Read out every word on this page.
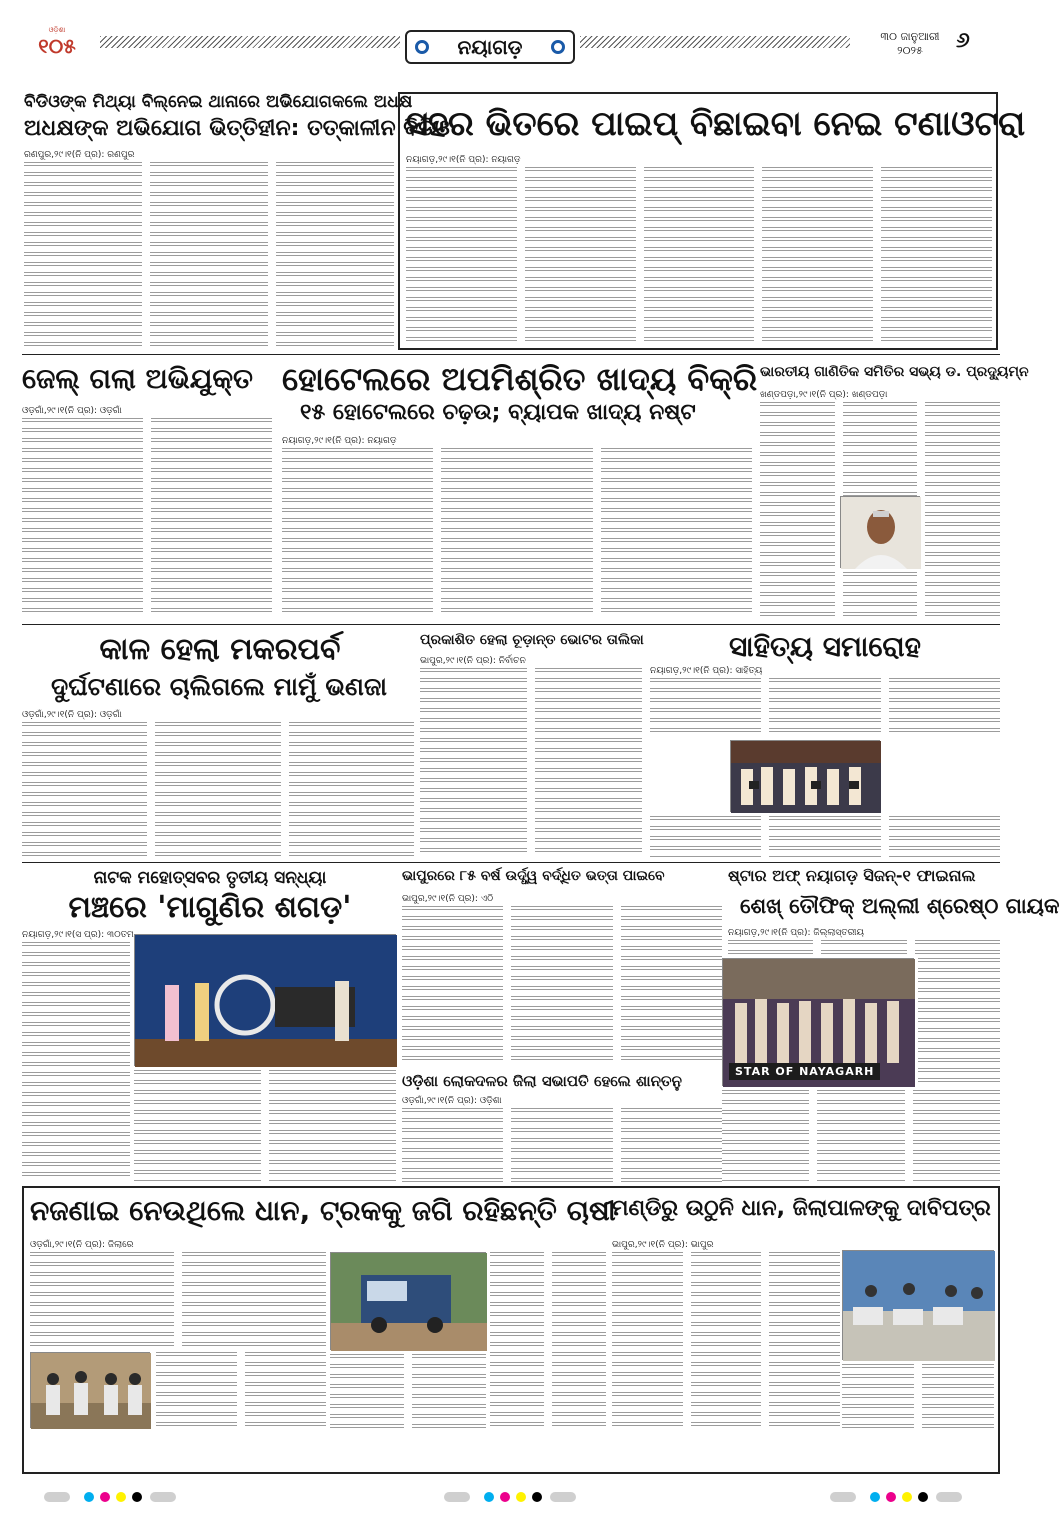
ଓଡ଼ିଶା
୧୦୫	ନୟାଗଡ଼	୩୦ ଜାନୁଆରୀ
୨୦୨୫	୬
ବିଡିଓଙ୍କ ମିଥ୍ୟା ବିଲ୍‌ନେଇ ଥାନାରେ ଅଭିଯୋଗକଲେ ଅଧକ୍ଷ
ଅଧକ୍ଷଙ୍କ ଅଭିଯୋଗ ଭିତ୍ତିହୀନ: ତତ୍କାଳୀନ ବିଡିଓ
ରଣପୁର,୨୯।୧(ନି ପ୍ର): ରଣପୁର
ସହର ଭିତରେ ପାଇପ୍ ବିଛାଇବା ନେଇ ଟଣାଓଟରା
ନୟାଗଡ଼,୨୯।୧(ନି ପ୍ର): ନୟାଗଡ଼
ଜେଲ୍ ଗଲା ଅଭିଯୁକ୍ତ
ଓଡ଼ଗାଁ,୨୯।୧(ନି ପ୍ର): ଓଡ଼ଗାଁ
ହୋଟେଲରେ ଅପମିଶ୍ରିତ ଖାଦ୍ୟ ବିକ୍ରି
୧୫ ହୋଟେଲରେ ଚଢ଼ଉ; ବ୍ୟାପକ ଖାଦ୍ୟ ନଷ୍ଟ
ନୟାଗଡ଼,୨୯।୧(ନି ପ୍ର): ନୟାଗଡ଼
ଭାରତୀୟ ଗାଣିତିକ ସମିତିର ସଭ୍ୟ ଡ. ପ୍ରଦ୍ୟୁମ୍ନ
ଖଣ୍ଡପଡ଼ା,୨୯।୧(ନି ପ୍ର): ଖଣ୍ଡପଡ଼ା
କାଳ ହେଲା ମକରପର୍ବ
ଦୁର୍ଘଟଣାରେ ଚାଲିଗଲେ ମାମୁଁ ଭଣଜା
ଓଡ଼ଗାଁ,୨୯।୧(ନି ପ୍ର): ଓଡ଼ଗାଁ
ପ୍ରକାଶିତ ହେଲା ଚୂଡ଼ାନ୍ତ ଭୋଟର ତାଲିକା
ଭାପୁର,୨୯।୧(ନି ପ୍ର): ନିର୍ବାଚନ	ସାହିତ୍ୟ ସମାରୋହ
ନୟାଗଡ଼,୨୯।୧(ନି ପ୍ର): ସାହିତ୍ୟ
ନାଟକ ମହୋତ୍ସବର ତୃତୀୟ ସନ୍ଧ୍ୟା
ମଞ୍ଚରେ 'ମାଗୁଣିର ଶଗଡ଼'
ନୟାଗଡ଼,୨୯।୧(ସ ପ୍ର): ୩୦ତମ
ଭାପୁରରେ ୮୫ ବର୍ଷ ଉର୍ଦ୍ଧ୍ୱ ବର୍ଦ୍ଧିତ ଭତ୍ତା ପାଇବେ
ଭାପୁର,୨୯।୧(ନି ପ୍ର): ଏଠି
ଷ୍ଟାର ଅଫ୍ ନୟାଗଡ଼ ସିଜନ୍-୧ ଫାଇନାଲ
ଶେଖ୍ ତୌଫିକ୍ ଅଲ୍ଲୀ ଶ୍ରେଷ୍ଠ ଗାୟକ
ନୟାଗଡ଼,୨୯।୧(ନି ପ୍ର): ଜିଲ୍ଲାସ୍ତରୀୟ
STAR OF NAYAGARH
ଓଡ଼ିଶା ଲୋକଦଳର ଜିଲା ସଭାପତି ହେଲେ ଶାନ୍ତନୁ
ଓଡ଼ଗାଁ,୨୯।୧(ନି ପ୍ର): ଓଡ଼ିଶା
ନଜଣାଇ ନେଉଥିଲେ ଧାନ, ଟ୍ରକକୁ ଜଗି ରହିଛନ୍ତି ଚାଷୀ
ଓଡ଼ଗାଁ,୨୯।୧(ନି ପ୍ର): ଜିଲାରେ
ମଣ୍ଡିରୁ ଉଠୁନି ଧାନ, ଜିଲାପାଳଙ୍କୁ ଦାବିପତ୍ର
ଭାପୁର,୨୯।୧(ନି ପ୍ର): ଭାପୁର
